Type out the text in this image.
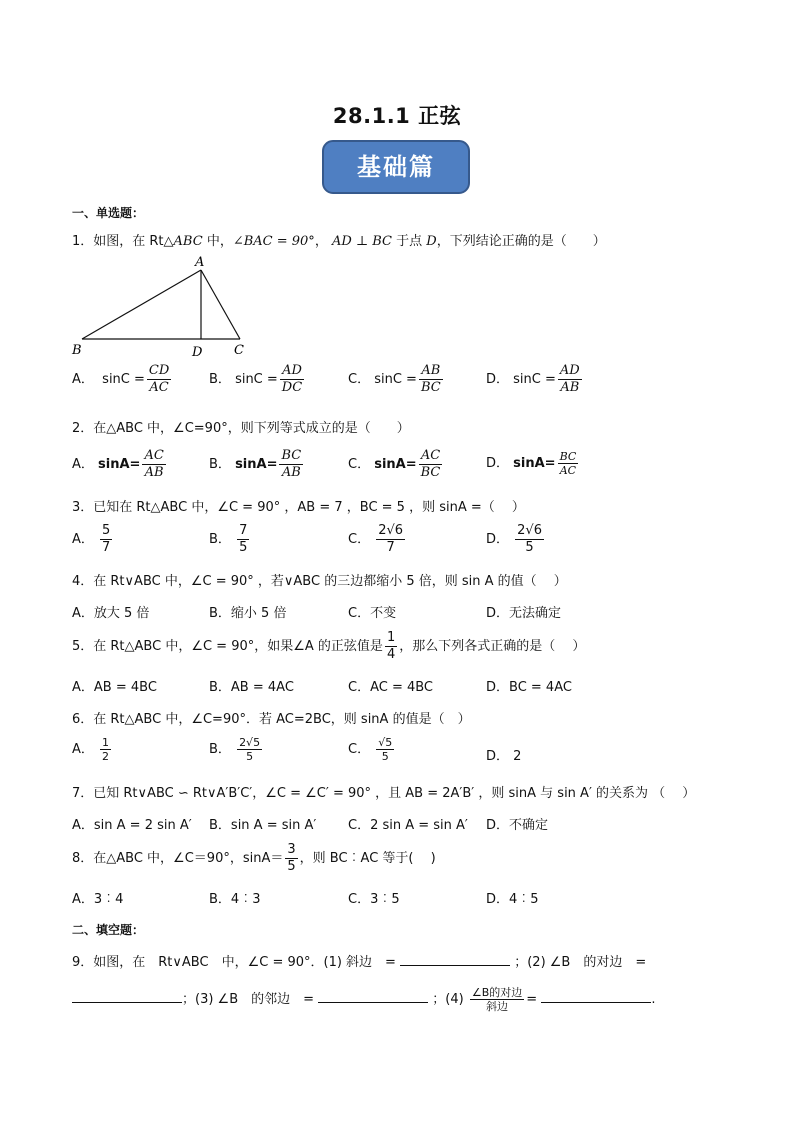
28.1.1 正弦
基础篇
一、单选题：
1．如图，在 Rt△ABC 中，∠BAC = 90°， AD ⊥ BC 于点 D，下列结论正确的是（　　）
A
B	C
D
A． $\sin C = \frac{CD}{AC}$	B． $\sin C = \frac{AD}{DC}$	C． $\sin C = \frac{AB}{BC}$	D． $\sin C = \frac{AD}{AB}$
2．在△ABC 中，∠C=90°，则下列等式成立的是（　　）
A． $\sin A= \frac{AC}{AB}$	B． $\sin A= \frac{BC}{AB}$	C． $\sin A= \frac{AC}{BC}$	D． $\sin A= \frac{BC}{AC}$
3．已知在 Rt△ABC 中，∠C = 90° ，AB = 7 ，BC = 5 ，则 sinA =（　 ）
A． $\frac{5}{7}$	B． $\frac{7}{5}$	C． $\frac{2√6}{7}$	D． $\frac{2√6}{5}$
4．在 Rt∨ABC 中，∠C = 90° ，若∨ABC 的三边都缩小 5 倍，则 sin A 的值（　 ）
A．放大 5 倍	B．缩小 5 倍	C．不变	D．无法确定
5．在 Rt△ABC 中，∠C = 90°，如果∠A 的正弦值是 $\frac{1}{4}$ ，那么下列各式正确的是（　 ）
A．AB = 4BC	B．AB = 4AC	C．AC = 4BC	D．BC = 4AC
6．在 Rt△ABC 中，∠C=90°．若 AC=2BC，则 sinA 的值是（　）
A． $\frac{1}{2}$	B． $\frac{2√5}{5}$	C． $\frac{√5}{5}$	D． 2
7．已知 Rt∨ABC ∽ Rt∨A′B′C′，∠C = ∠C′ = 90° ，且 AB = 2A′B′ ，则 sinA 与 sin A′ 的关系为 （　 ）
A．sin A = 2 sin A′ B．sin A = sin A′ C．2 sin A = sin A′ D．不确定
8．在△ABC 中，∠C＝90°，$\sin A= \frac{3}{5}$ ，则 BC︰AC 等于(　 )
A．3︰4	B．4︰3	C．3︰5	D．4︰5
二、填空题：
9．如图，在　Rt∨ABC　中，∠C = 90°．(1) 斜边　=	；(2) ∠B　的对边　=
；(3) ∠B　的邻边　=	；$(4) \frac{\text{∠B的对边}}{\text{斜边}}$ =	.
